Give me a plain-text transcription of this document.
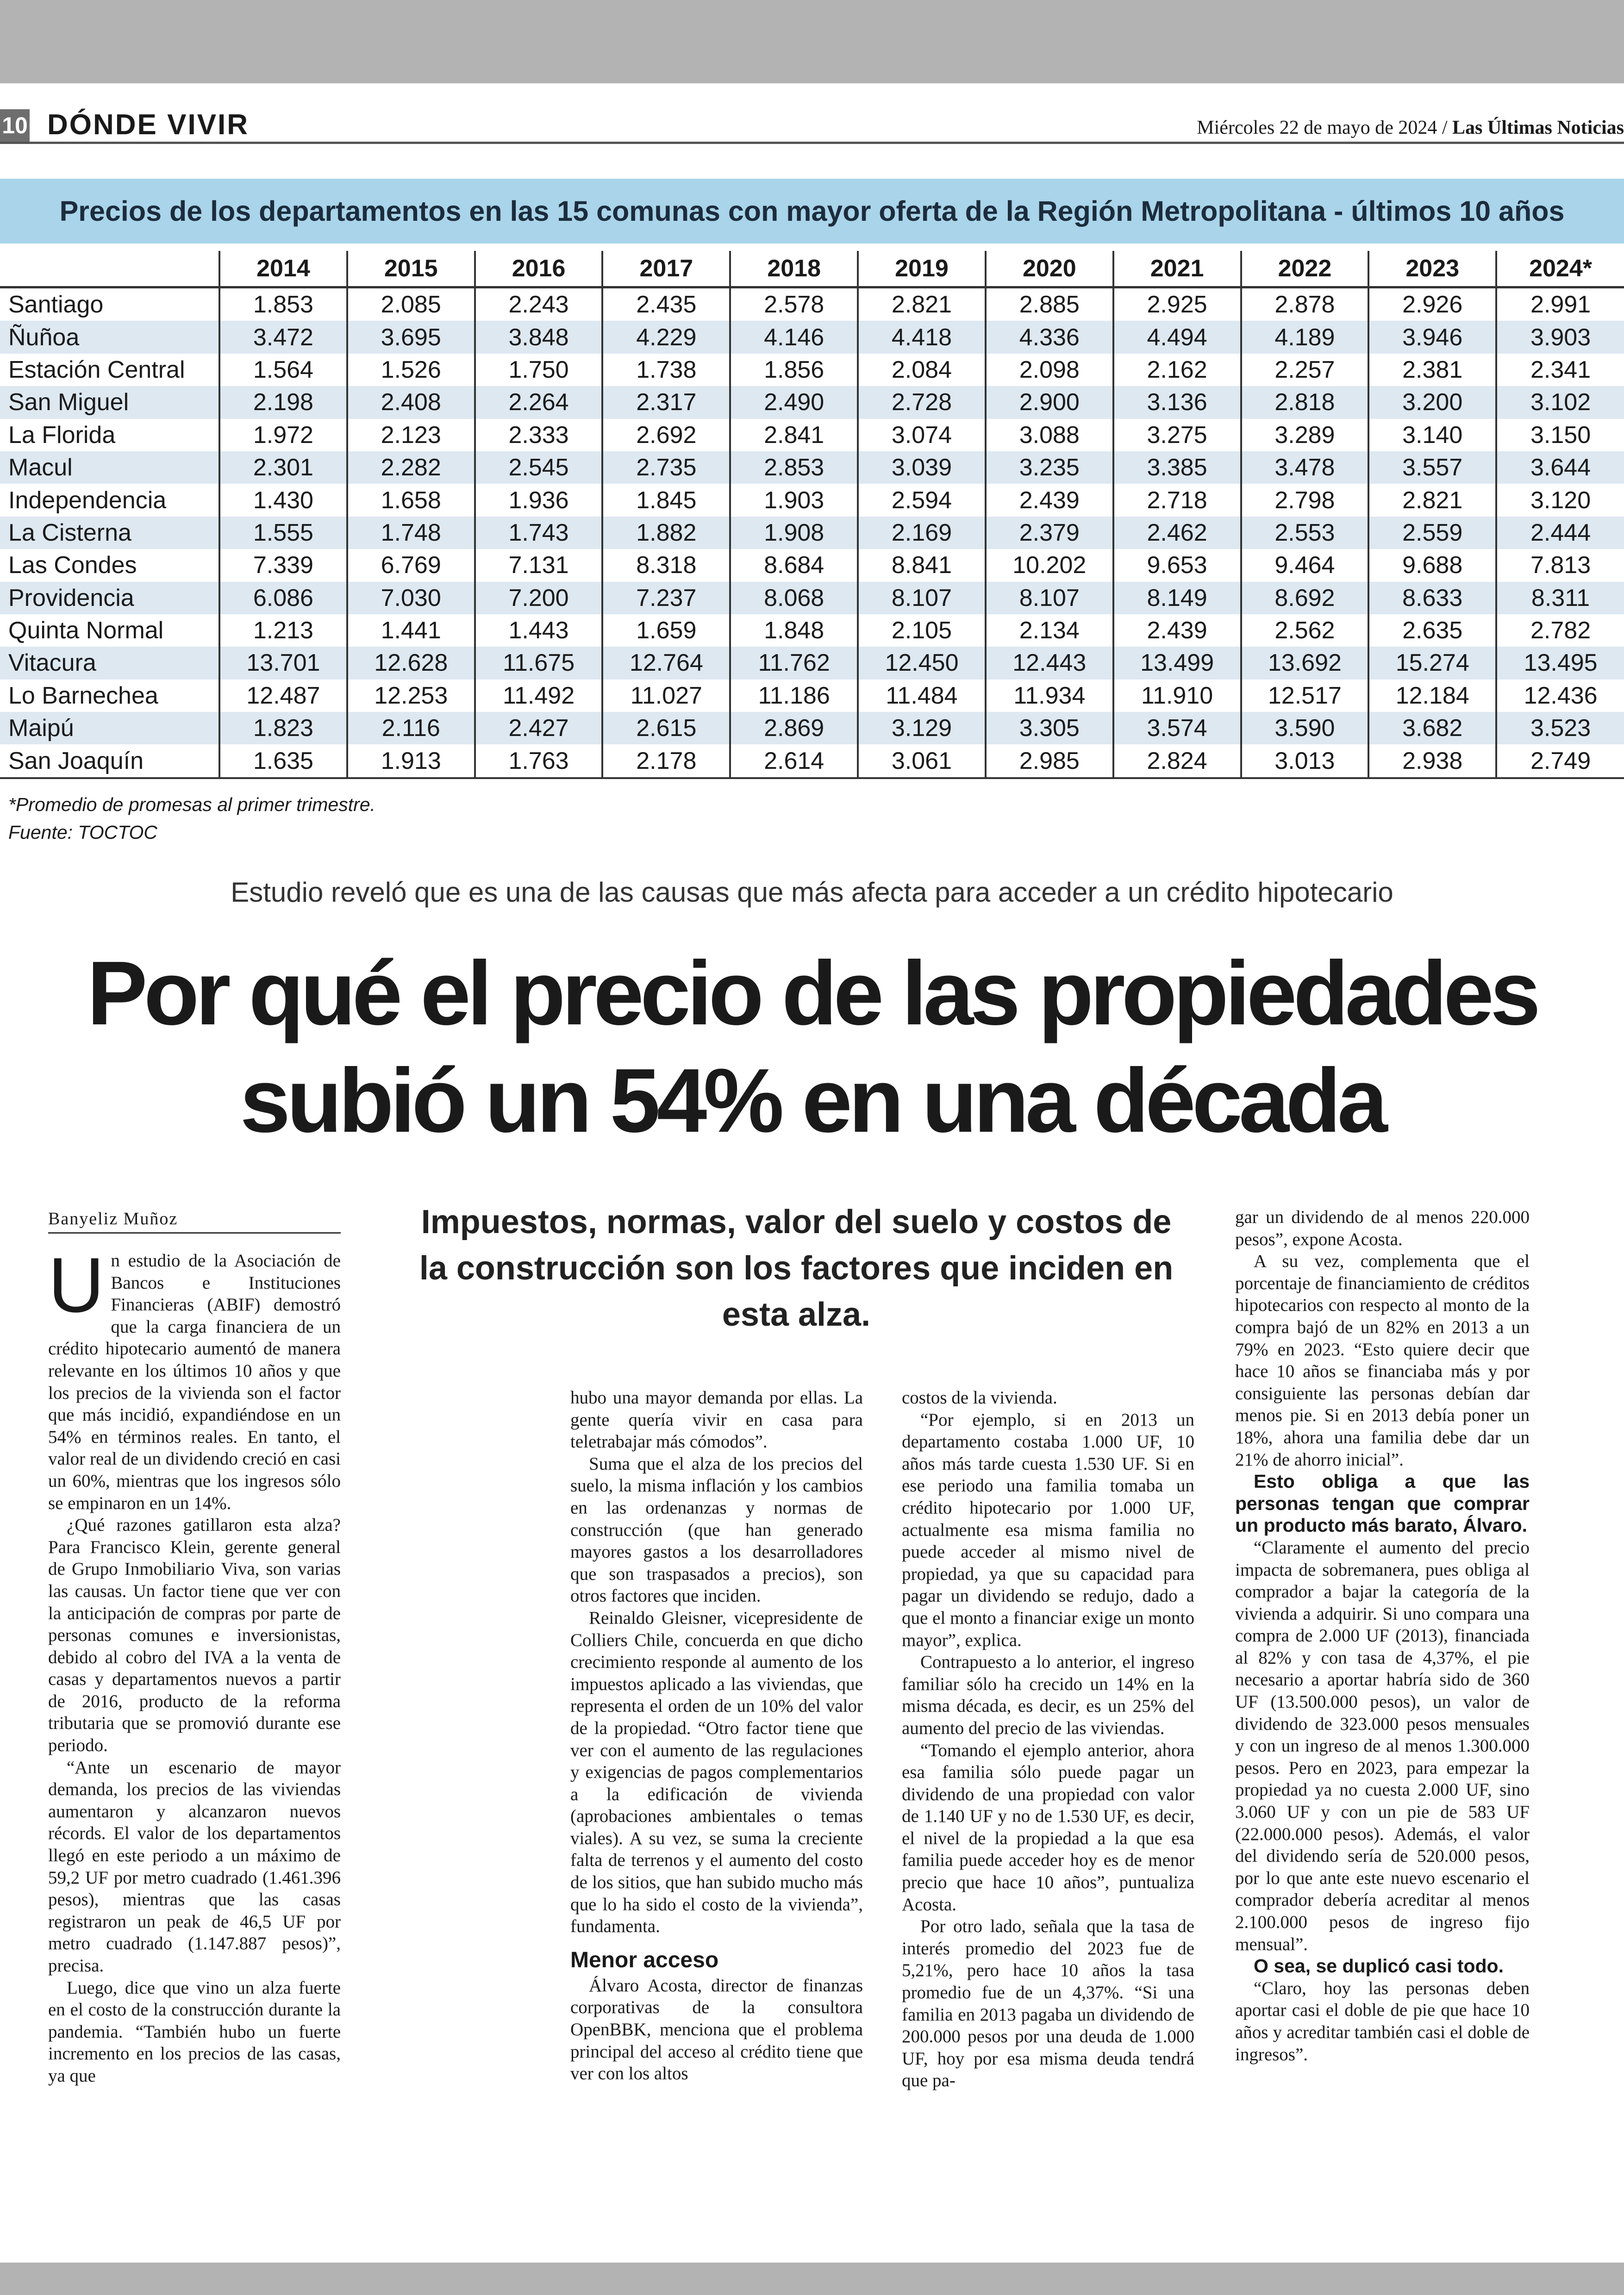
10 DÓNDE VIVIR	Miércoles 22 de mayo de 2024 / Las Últimas Noticias
Precios de los departamentos en las 15 comunas con mayor oferta de la Región Metropolitana - últimos 10 años
	2014	2015	2016	2017	2018	2019	2020	2021	2022	2023	2024*
Santiago	1.853	2.085	2.243	2.435	2.578	2.821	2.885	2.925	2.878	2.926	2.991
Ñuñoa	3.472	3.695	3.848	4.229	4.146	4.418	4.336	4.494	4.189	3.946	3.903
Estación Central	1.564	1.526	1.750	1.738	1.856	2.084	2.098	2.162	2.257	2.381	2.341
San Miguel	2.198	2.408	2.264	2.317	2.490	2.728	2.900	3.136	2.818	3.200	3.102
La Florida	1.972	2.123	2.333	2.692	2.841	3.074	3.088	3.275	3.289	3.140	3.150
Macul	2.301	2.282	2.545	2.735	2.853	3.039	3.235	3.385	3.478	3.557	3.644
Independencia	1.430	1.658	1.936	1.845	1.903	2.594	2.439	2.718	2.798	2.821	3.120
La Cisterna	1.555	1.748	1.743	1.882	1.908	2.169	2.379	2.462	2.553	2.559	2.444
Las Condes	7.339	6.769	7.131	8.318	8.684	8.841	10.202	9.653	9.464	9.688	7.813
Providencia	6.086	7.030	7.200	7.237	8.068	8.107	8.107	8.149	8.692	8.633	8.311
Quinta Normal	1.213	1.441	1.443	1.659	1.848	2.105	2.134	2.439	2.562	2.635	2.782
Vitacura	13.701	12.628	11.675	12.764	11.762	12.450	12.443	13.499	13.692	15.274	13.495
Lo Barnechea	12.487	12.253	11.492	11.027	11.186	11.484	11.934	11.910	12.517	12.184	12.436
Maipú	1.823	2.116	2.427	2.615	2.869	3.129	3.305	3.574	3.590	3.682	3.523
San Joaquín	1.635	1.913	1.763	2.178	2.614	3.061	2.985	2.824	3.013	2.938	2.749
*Promedio de promesas al primer trimestre.
Fuente: TOCTOC
Estudio reveló que es una de las causas que más afecta para acceder a un crédito hipotecario
Por qué el precio de las propiedades
subió un 54% en una década
Banyeliz Muñoz	Impuestos, normas, valor del suelo y costos de la construcción son los factores que inciden en esta alza.

Un estudio de la Asociación de Bancos e Instituciones Financieras (ABIF) demostró que la carga financiera de un crédito hipotecario aumentó de manera relevante en los últimos 10 años y que los precios de la vivienda son el factor que más incidió, expandiéndose en un 54% en términos reales. En tanto, el valor real de un dividendo creció en casi un 60%, mientras que los ingresos sólo se empinaron en un 14%.

¿Qué razones gatillaron esta alza? Para Francisco Klein, gerente general de Grupo Inmobiliario Viva, son varias las causas. Un factor tiene que ver con la anticipación de compras por parte de personas comunes e inversionistas, debido al cobro del IVA a la venta de casas y departamentos nuevos a partir de 2016, producto de la reforma tributaria que se promovió durante ese periodo.

“Ante un escenario de mayor demanda, los precios de las viviendas aumentaron y alcanzaron nuevos récords. El valor de los departamentos llegó en este periodo a un máximo de 59,2 UF por metro cuadrado (1.461.396 pesos), mientras que las casas registraron un peak de 46,5 UF por metro cuadrado (1.147.887 pesos)”, precisa.

Luego, dice que vino un alza fuerte en el costo de la construcción durante la pandemia. “También hubo un fuerte incremento en los precios de las casas, ya que

hubo una mayor demanda por ellas. La gente quería vivir en casa para teletrabajar más cómodos”.

Suma que el alza de los precios del suelo, la misma inflación y los cambios en las ordenanzas y normas de construcción (que han generado mayores gastos a los desarrolladores que son traspasados a precios), son otros factores que inciden.

Reinaldo Gleisner, vicepresidente de Colliers Chile, concuerda en que dicho crecimiento responde al aumento de los impuestos aplicado a las viviendas, que representa el orden de un 10% del valor de la propiedad. “Otro factor tiene que ver con el aumento de las regulaciones y exigencias de pagos complementarios a la edificación de vivienda (aprobaciones ambientales o temas viales). A su vez, se suma la creciente falta de terrenos y el aumento del costo de los sitios, que han subido mucho más que lo ha sido el costo de la vivienda”, fundamenta.

Menor acceso

Álvaro Acosta, director de finanzas corporativas de la consultora OpenBBK, menciona que el problema principal del acceso al crédito tiene que ver con los altos

costos de la vivienda.

“Por ejemplo, si en 2013 un departamento costaba 1.000 UF, 10 años más tarde cuesta 1.530 UF. Si en ese periodo una familia tomaba un crédito hipotecario por 1.000 UF, actualmente esa misma familia no puede acceder al mismo nivel de propiedad, ya que su capacidad para pagar un dividendo se redujo, dado a que el monto a financiar exige un monto mayor”, explica.

Contrapuesto a lo anterior, el ingreso familiar sólo ha crecido un 14% en la misma década, es decir, es un 25% del aumento del precio de las viviendas.

“Tomando el ejemplo anterior, ahora esa familia sólo puede pagar un dividendo de una propiedad con valor de 1.140 UF y no de 1.530 UF, es decir, el nivel de la propiedad a la que esa familia puede acceder hoy es de menor precio que hace 10 años”, puntualiza Acosta.

Por otro lado, señala que la tasa de interés promedio del 2023 fue de 5,21%, pero hace 10 años la tasa promedio fue de un 4,37%. “Si una familia en 2013 pagaba un dividendo de 200.000 pesos por una deuda de 1.000 UF, hoy por esa misma deuda tendrá que pa-

gar un dividendo de al menos 220.000 pesos”, expone Acosta.

A su vez, complementa que el porcentaje de financiamiento de créditos hipotecarios con respecto al monto de la compra bajó de un 82% en 2013 a un 79% en 2023. “Esto quiere decir que hace 10 años se financiaba más y por consiguiente las personas debían dar menos pie. Si en 2013 debía poner un 18%, ahora una familia debe dar un 21% de ahorro inicial”.

Esto obliga a que las personas tengan que comprar un producto más barato, Álvaro.

“Claramente el aumento del precio impacta de sobremanera, pues obliga al comprador a bajar la categoría de la vivienda a adquirir. Si uno compara una compra de 2.000 UF (2013), financiada al 82% y con tasa de 4,37%, el pie necesario a aportar habría sido de 360 UF (13.500.000 pesos), un valor de dividendo de 323.000 pesos mensuales y con un ingreso de al menos 1.300.000 pesos. Pero en 2023, para empezar la propiedad ya no cuesta 2.000 UF, sino 3.060 UF y con un pie de 583 UF (22.000.000 pesos). Además, el valor del dividendo sería de 520.000 pesos, por lo que ante este nuevo escenario el comprador debería acreditar al menos 2.100.000 pesos de ingreso fijo mensual”.

O sea, se duplicó casi todo.

“Claro, hoy las personas deben aportar casi el doble de pie que hace 10 años y acreditar también casi el doble de ingresos”.
